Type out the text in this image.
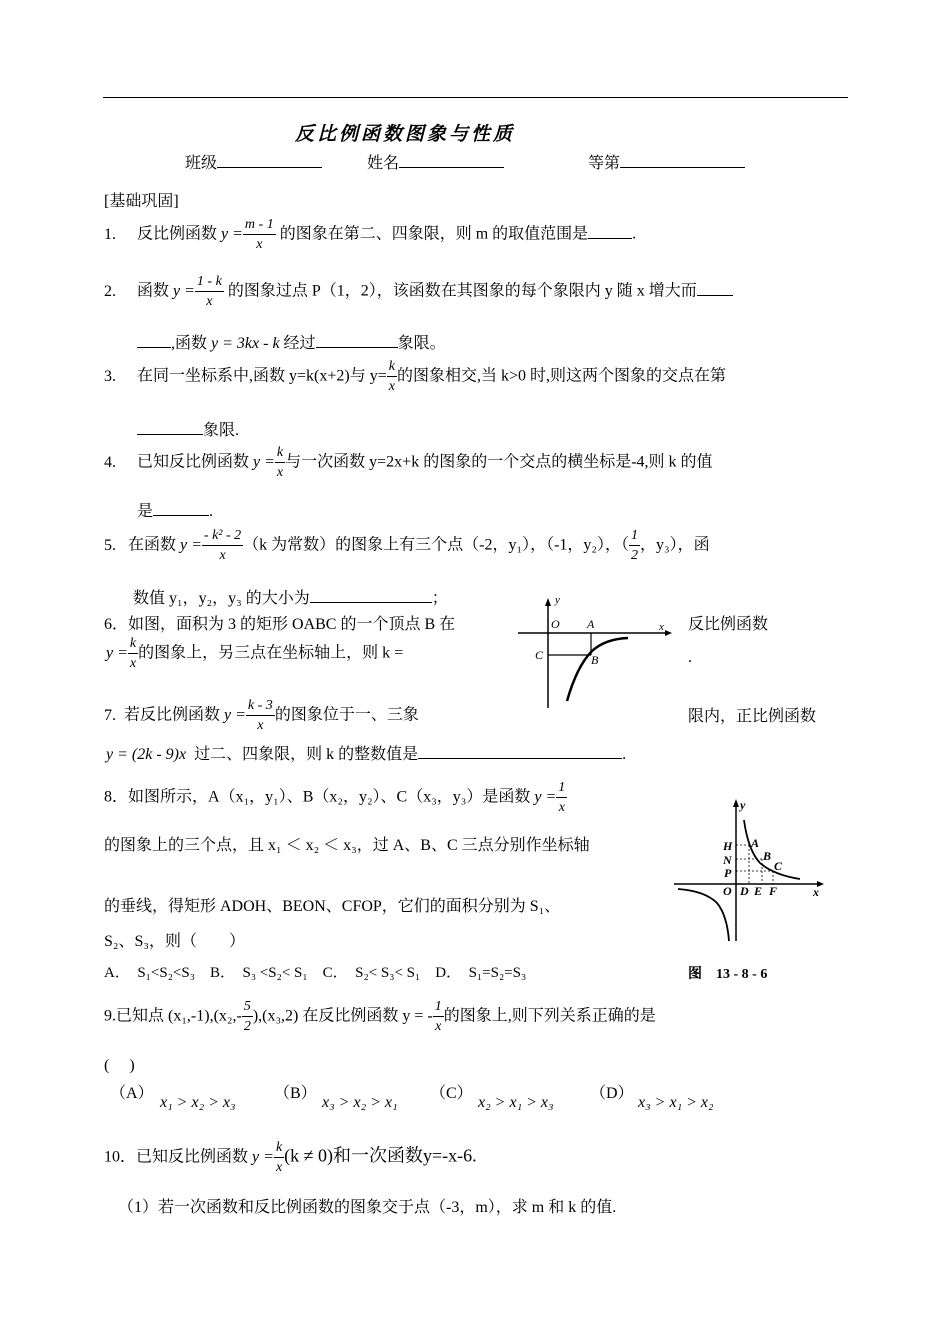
反比例函数图象与性质
班级	姓名	等第
[基础巩固]
1. 反比例函数 $y = \frac{m - 1}{x}$ 的图象在第二、四象限，则 m 的取值范围是	.
2. 函数 $y = \frac{1 - k}{x}$ 的图象过点 P（1，2），该函数在其图象的每个象限内 y 随 x 增大而
,函数 y = 3kx - k 经过	象限。
3. 在同一坐标系中,函数 y=k(x+2)与 $y= \frac{k}{x}$ 的图象相交,当 k>0 时,则这两个图象的交点在第
象限.
4. 已知反比例函数 $y = \frac{k}{x}$ 与一次函数 y=2x+k 的图象的一个交点的横坐标是-4,则 k 的值
是	.
5. 在函数 $y = \frac{\text{- k² - 2}}{x} (k$ 为常数）的图象上有三个点（-2，y₁），（-1，y₂），（ $\frac{1}{2}$ ，y₃），函
数值 y₁，y₂，y₃ 的大小为	；
6．如图，面积为 3 的矩形 OABC 的一个顶点 B 在	反比例函数
$y = \frac{k}{x}$ 的图象上，另三点在坐标轴上，则 k =	.
y
O A	x
C	B
7. 若反比例函数 $y = \frac{k - 3}{x}$ 的图象位于一、三象	限内，正比例函数
y = (2k - 9)x 过二、四象限，则 k 的整数值是	.
8．如图所示，A（x₁，y₁）、B（x₂，y₂）、C（x₃，y₃）是函数 $y = \frac{1}{x}$
的图象上的三个点，且 x₁ ＜ x₂ ＜ x₃，过 A、B、C 三点分别作坐标轴
的垂线，得矩形 ADOH、BEON、CFOP，它们的面积分别为 S₁、
S₂、S₃，则（　　）
A．　S₁<S₂<S₃　B．　S₃ <S₂< S₁　C．　S₂< S₃< S₁　D．　S₁=S₂=S₃
y
A
H
B
N	C
P
O D E F	x
图　13 - 8 - 6
9.已知点 $(x_1,-1),(x_2,- \frac{5}{2} ),(x_3,2)$ 在反比例函数 y = - $\frac{1}{x}$ 的图象上,则下列关系正确的是
(　 )
（A）
x₁ > x₂ > x₃
（B）
x₃ > x₂ > x₁
（C）
x₂ > x₁ > x₃
（D）
x₃ > x₁ > x₂
10．已知反比例函数 $y = \frac{k}{x} (k \ne 0)$和一次函数y=-x-6.
（1）若一次函数和反比例函数的图象交于点（-3，m），求 m 和 k 的值.
